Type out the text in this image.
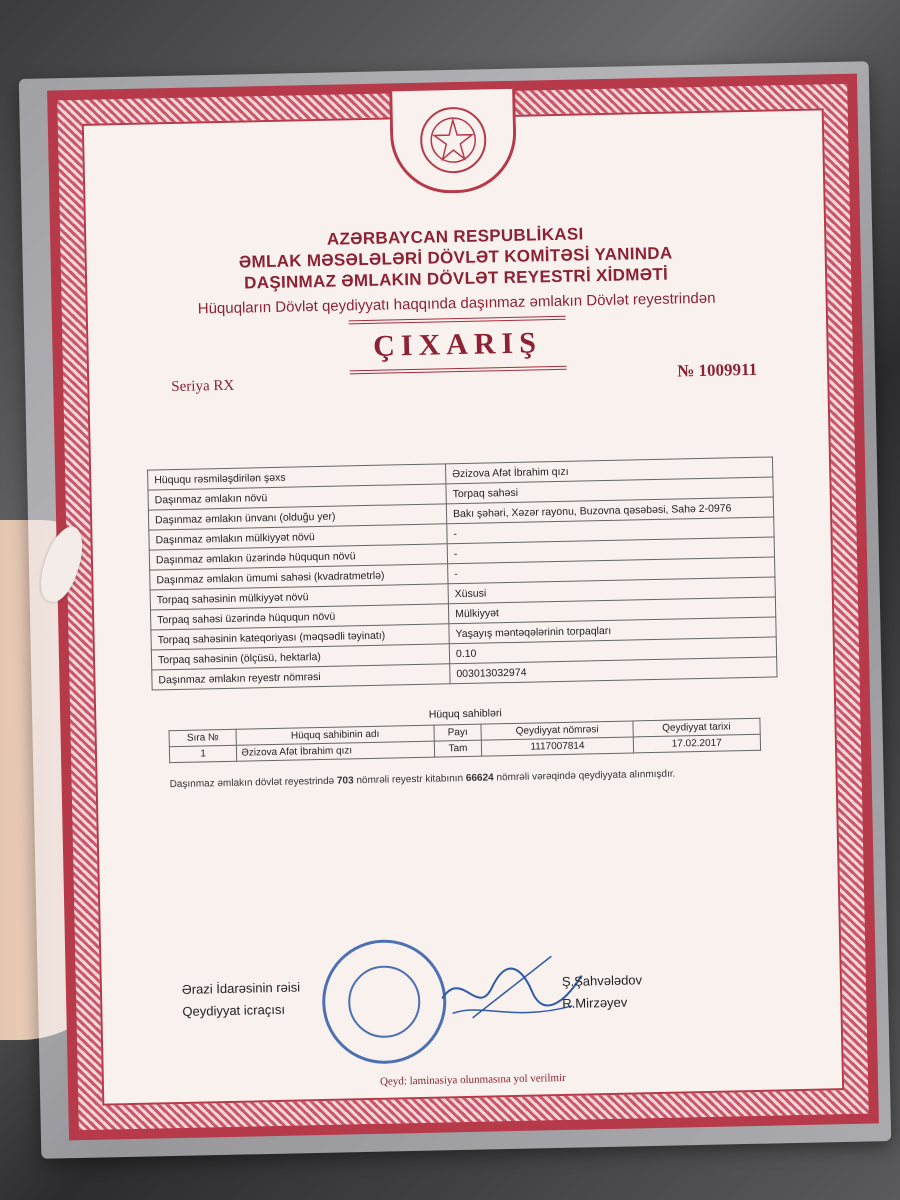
AZƏRBAYCAN RESPUBLİKASI
ƏMLAK MƏSƏLƏLƏRİ DÖVLƏT KOMİTƏSİ YANINDA
DAŞINMAZ ƏMLAKIN DÖVLƏT REYESTRİ XİDMƏTİ
Hüquqların Dövlət qeydiyyatı haqqında daşınmaz əmlakın Dövlət reyestrindən
ÇIXARIŞ
Seriya RX
№ 1009911
Hüququ rəsmiləşdirilən şəxs	Əzizova Afət İbrahim qızı
Daşınmaz əmlakın növü	Torpaq sahəsi
Daşınmaz əmlakın ünvanı (olduğu yer)	Bakı şəhəri, Xəzər rayonu, Buzovna qəsəbəsi, Sahə 2-0976
Daşınmaz əmlakın mülkiyyət növü	-
Daşınmaz əmlakın üzərində hüququn növü	-
Daşınmaz əmlakın ümumi sahəsi (kvadratmetrlə)	-
Torpaq sahəsinin mülkiyyət növü	Xüsusi
Torpaq sahəsi üzərində hüququn növü	Mülkiyyət
Torpaq sahəsinin kateqoriyası (məqsədli təyinatı)	Yaşayış məntəqələrinin torpaqları
Torpaq sahəsinin (ölçüsü, hektarla)	0.10
Daşınmaz əmlakın reyestr nömrəsi	003013032974
Hüquq sahibləri
Sıra №	Hüquq sahibinin adı	Payı	Qeydiyyat nömrəsi	Qeydiyyat tarixi
1	Əzizova Afət İbrahim qızı	Tam	1117007814	17.02.2017
Daşınmaz əmlakın dövlət reyestrində 703 nömrəli reyestr kitabının 66624 nömrəli vərəqində qeydiyyata alınmışdır.
Ərazi İdarəsinin rəisi
Qeydiyyat icraçısı
Ş.Şahvələdov
R.Mirzəyev
Qeyd: laminasiya olunmasına yol verilmir
